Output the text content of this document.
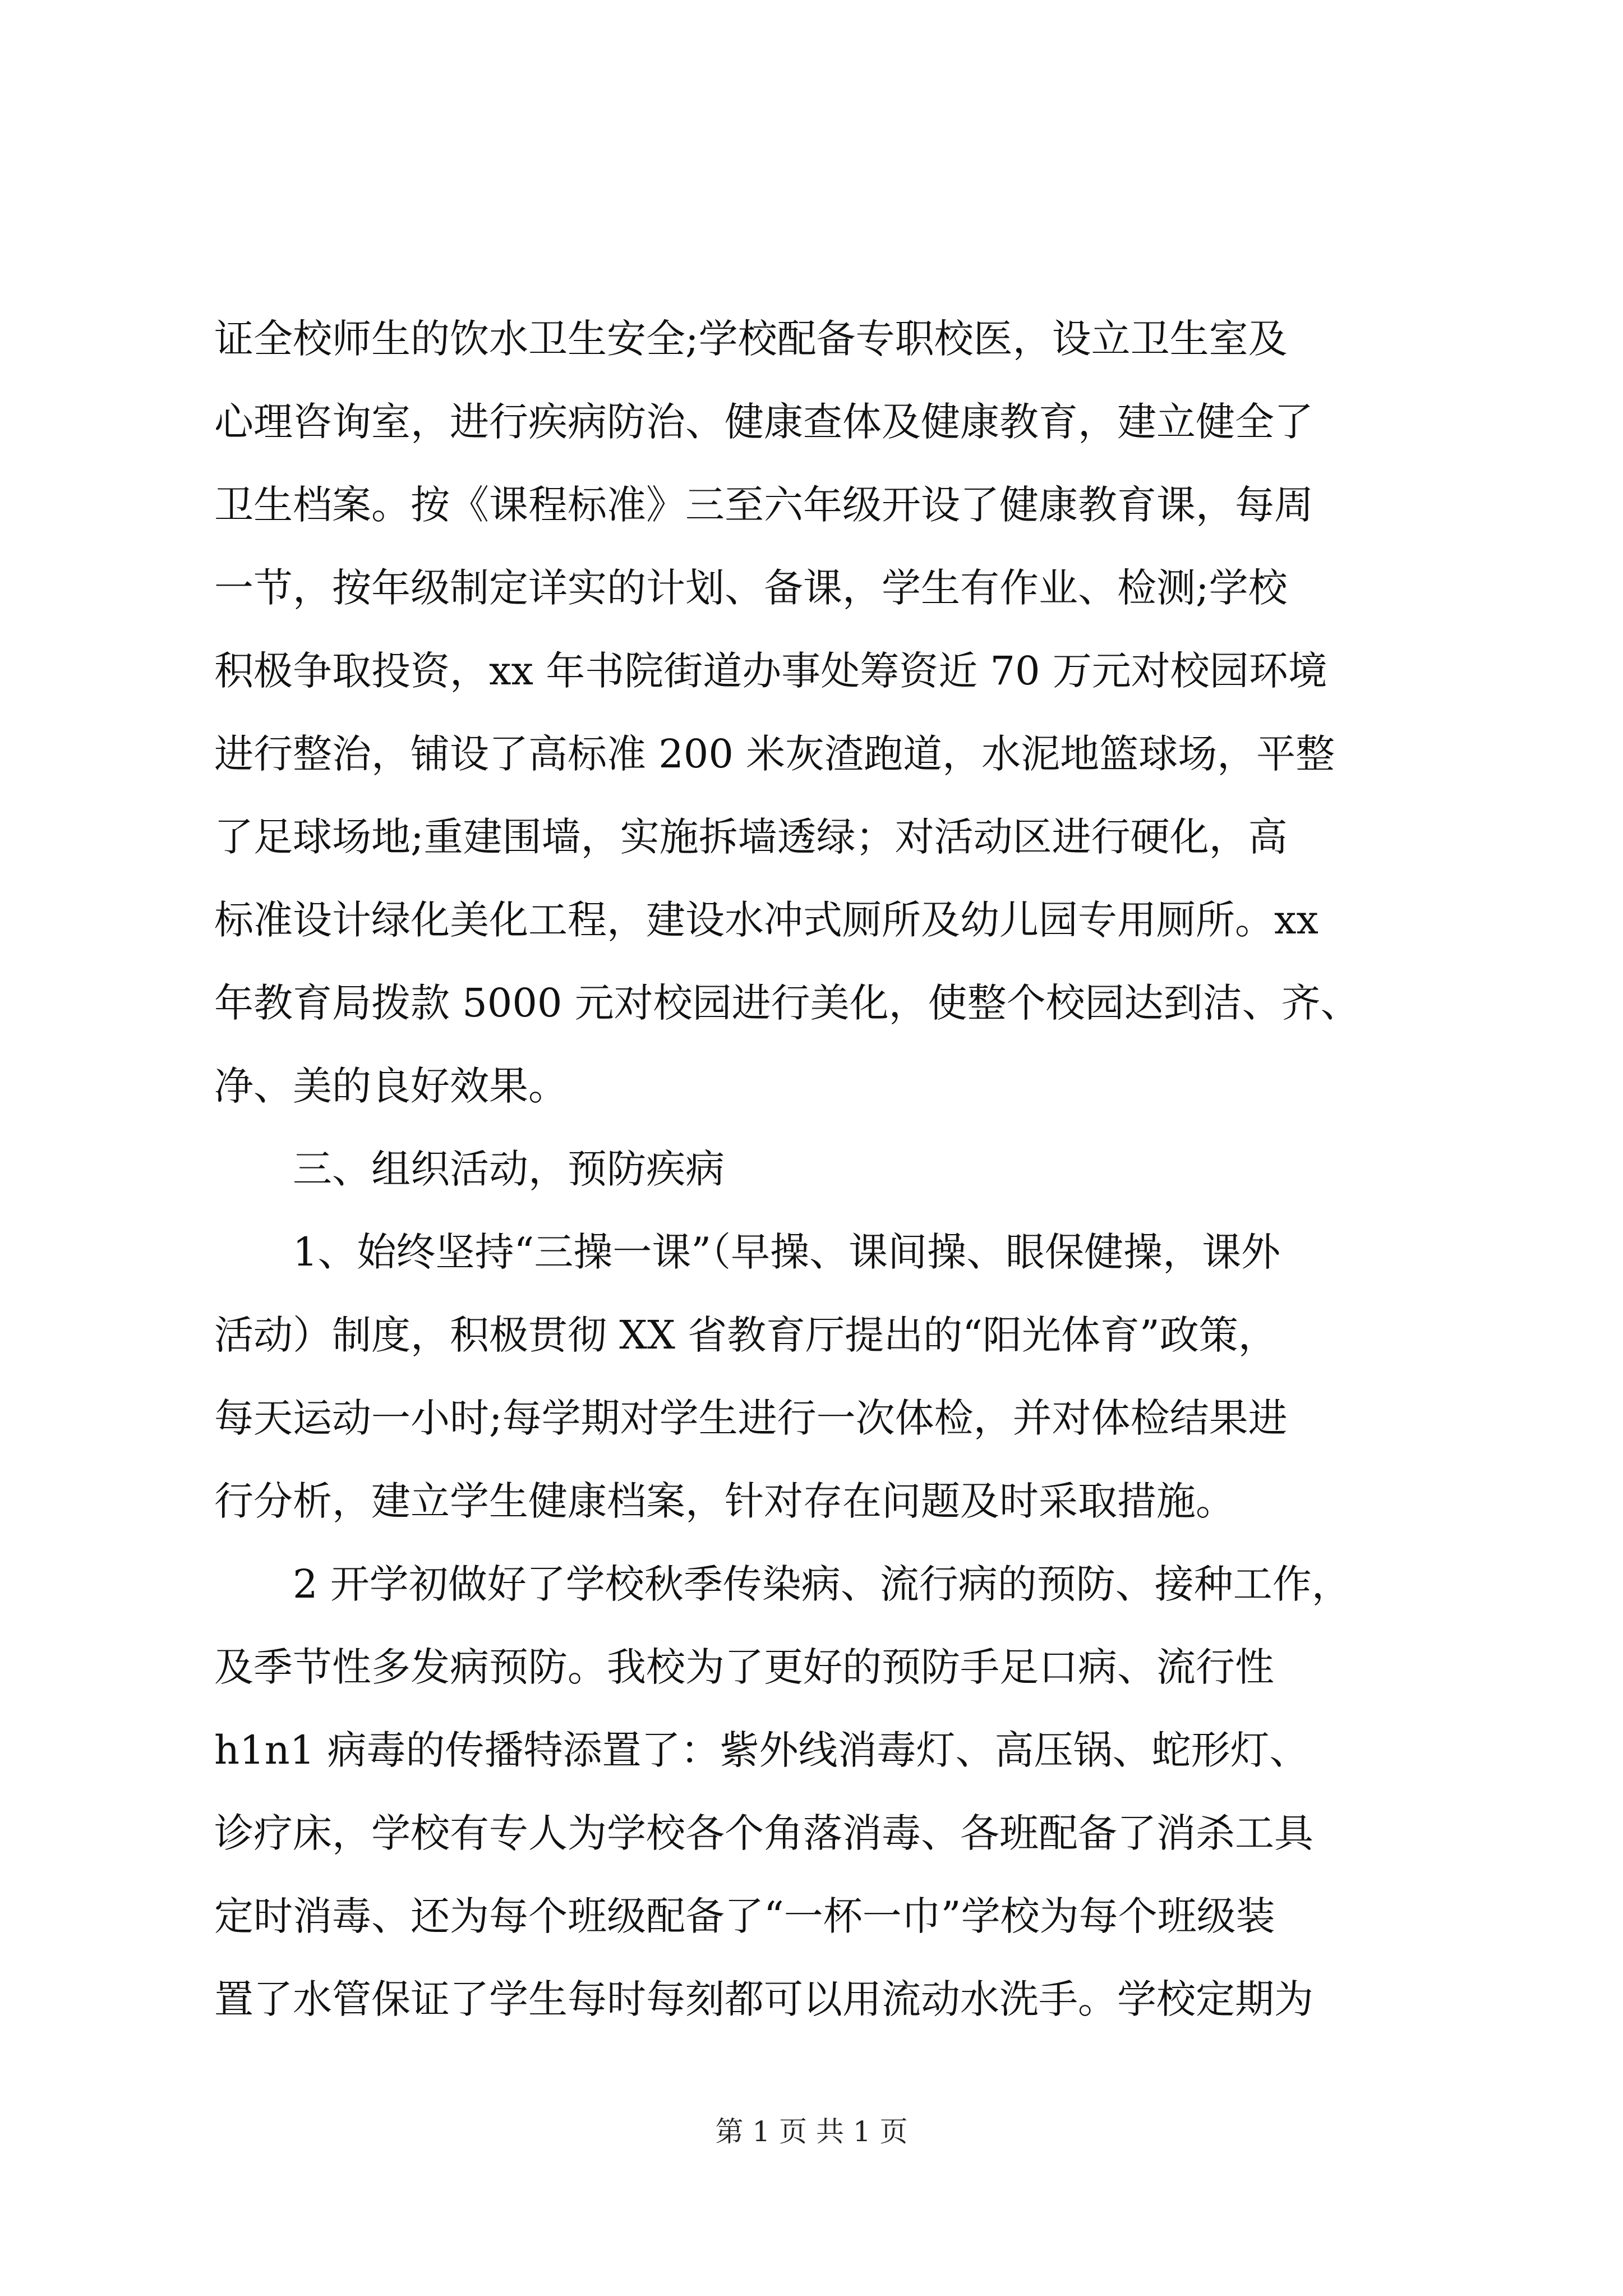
证全校师生的饮水卫生安全;学校配备专职校医，设立卫生室及
心理咨询室，进行疾病防治、健康查体及健康教育，建立健全了
卫生档案。按《课程标准》三至六年级开设了健康教育课，每周
一节，按年级制定详实的计划、备课，学生有作业、检测;学校
积极争取投资，xx 年书院街道办事处筹资近 70 万元对校园环境
进行整治，铺设了高标准 200 米灰渣跑道，水泥地篮球场，平整
了足球场地;重建围墙，实施拆墙透绿；对活动区进行硬化，高
标准设计绿化美化工程，建设水冲式厕所及幼儿园专用厕所。xx
年教育局拨款 5000 元对校园进行美化，使整个校园达到洁、齐、
净、美的良好效果。
　　三、组织活动，预防疾病
　　1、始终坚持“三操一课”（早操、课间操、眼保健操，课外
活动）制度，积极贯彻 XX 省教育厅提出的“阳光体育”政策，
每天运动一小时;每学期对学生进行一次体检，并对体检结果进
行分析，建立学生健康档案，针对存在问题及时采取措施。
　　2 开学初做好了学校秋季传染病、流行病的预防、接种工作，
及季节性多发病预防。我校为了更好的预防手足口病、流行性
h1n1 病毒的传播特添置了：紫外线消毒灯、高压锅、蛇形灯、
诊疗床，学校有专人为学校各个角落消毒、各班配备了消杀工具
定时消毒、还为每个班级配备了“一杯一巾”学校为每个班级装
置了水管保证了学生每时每刻都可以用流动水洗手。学校定期为
第 1 页 共 1 页
